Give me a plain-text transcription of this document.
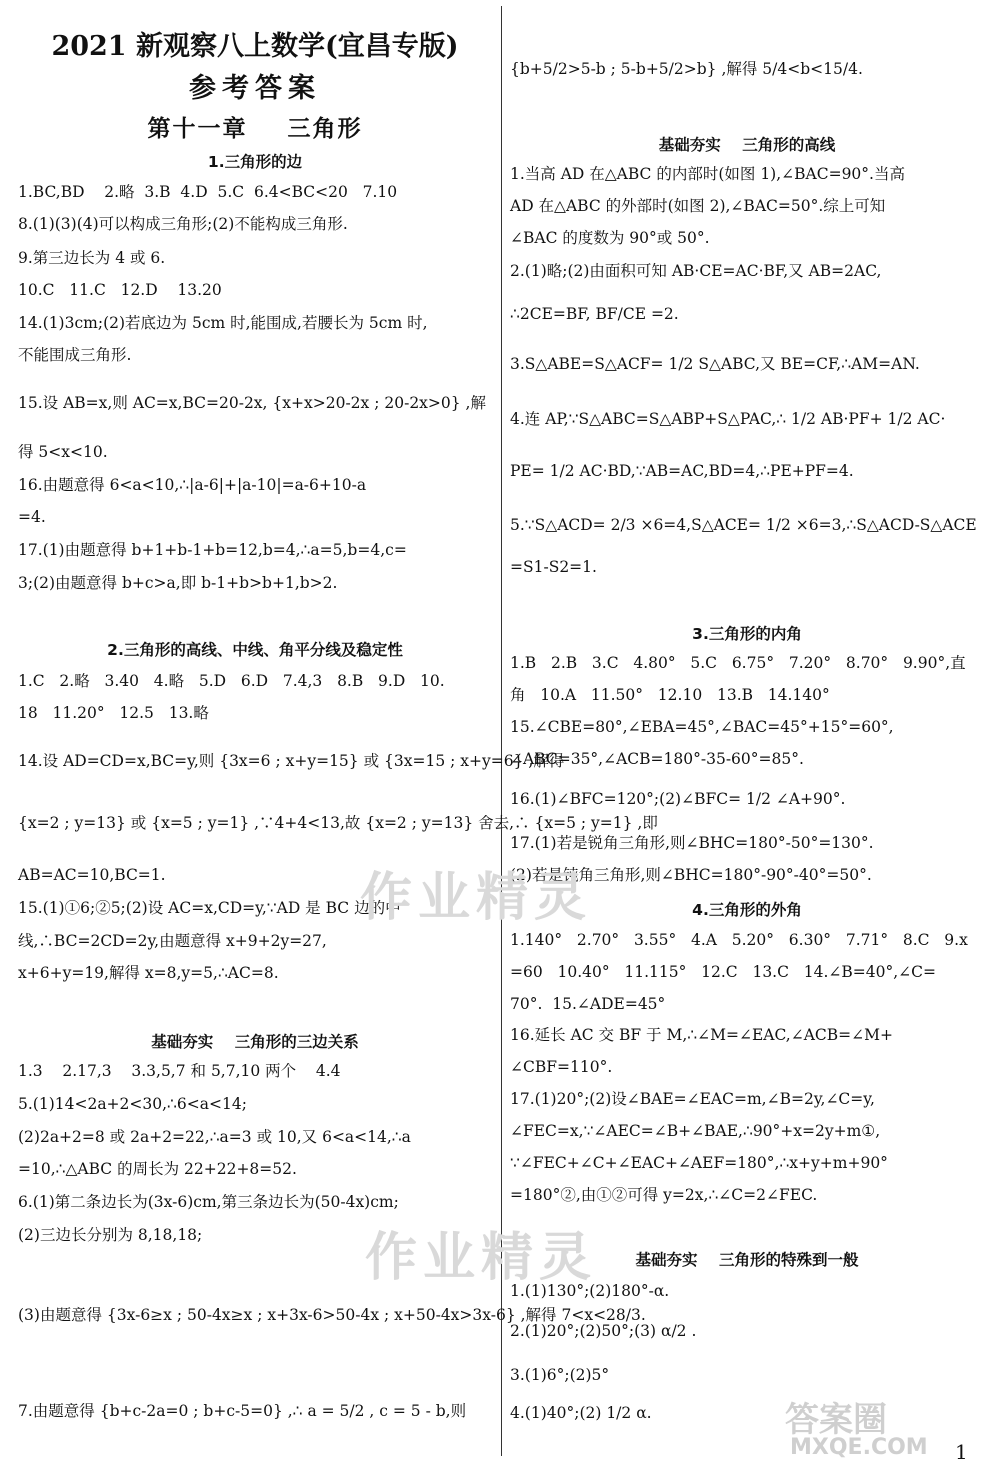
2021 新观察八上数学(宜昌专版)
参考答案
第十一章    三角形
1.三角形的边
1.BC,BD    2.略  3.B  4.D  5.C  6.4<BC<20   7.10
8.(1)(3)(4)可以构成三角形;(2)不能构成三角形.
9.第三边长为 4 或 6.
10.C   11.C   12.D    13.20
14.(1)3cm;(2)若底边为 5cm 时,能围成,若腰长为 5cm 时,
不能围成三角形.
15.设 AB=x,则 AC=x,BC=20-2x, {x+x>20-2x ; 20-2x>0} ,解
得 5<x<10.
16.由题意得 6<a<10,∴|a-6|+|a-10|=a-6+10-a
=4.
17.(1)由题意得 b+1+b-1+b=12,b=4,∴a=5,b=4,c=
3;(2)由题意得 b+c>a,即 b-1+b>b+1,b>2.
2.三角形的高线、中线、角平分线及稳定性
1.C   2.略   3.40   4.略   5.D   6.D   7.4,3   8.B   9.D   10.
18   11.20°   12.5   13.略
14.设 AD=CD=x,BC=y,则 {3x=6 ; x+y=15} 或 {3x=15 ; x+y=6} ,解得
{x=2 ; y=13} 或 {x=5 ; y=1} ,∵4+4<13,故 {x=2 ; y=13} 舍去,∴ {x=5 ; y=1} ,即
AB=AC=10,BC=1.
15.(1)①6;②5;(2)设 AC=x,CD=y,∵AD 是 BC 边的中
线,∴BC=2CD=2y,由题意得 x+9+2y=27,
x+6+y=19,解得 x=8,y=5,∴AC=8.
基础夯实    三角形的三边关系
1.3    2.17,3    3.3,5,7 和 5,7,10 两个    4.4
5.(1)14<2a+2<30,∴6<a<14;
(2)2a+2=8 或 2a+2=22,∴a=3 或 10,又 6<a<14,∴a
=10,∴△ABC 的周长为 22+22+8=52.
6.(1)第二条边长为(3x-6)cm,第三条边长为(50-4x)cm;
(2)三边长分别为 8,18,18;
(3)由题意得 {3x-6≥x ; 50-4x≥x ; x+3x-6>50-4x ; x+50-4x>3x-6} ,解得 7<x<28/3.
7.由题意得 {b+c-2a=0 ; b+c-5=0} ,∴ a = 5/2 , c = 5 - b,则
{b+5/2>5-b ; 5-b+5/2>b} ,解得 5/4<b<15/4.
基础夯实    三角形的高线
1.当高 AD 在△ABC 的内部时(如图 1),∠BAC=90°.当高
AD 在△ABC 的外部时(如图 2),∠BAC=50°.综上可知
∠BAC 的度数为 90°或 50°.
2.(1)略;(2)由面积可知 AB·CE=AC·BF,又 AB=2AC,
∴2CE=BF, BF/CE =2.
3.S△ABE=S△ACF= 1/2 S△ABC,又 BE=CF,∴AM=AN.
4.连 AP,∵S△ABC=S△ABP+S△PAC,∴ 1/2 AB·PF+ 1/2 AC·
PE= 1/2 AC·BD,∵AB=AC,BD=4,∴PE+PF=4.
5.∵S△ACD= 2/3 ×6=4,S△ACE= 1/2 ×6=3,∴S△ACD-S△ACE
=S1-S2=1.
3.三角形的内角
1.B   2.B   3.C   4.80°   5.C   6.75°   7.20°   8.70°   9.90°,直
角   10.A   11.50°   12.10   13.B   14.140°
15.∠CBE=80°,∠EBA=45°,∠BAC=45°+15°=60°,
∠ABC=35°,∠ACB=180°-35-60°=85°.
16.(1)∠BFC=120°;(2)∠BFC= 1/2 ∠A+90°.
17.(1)若是锐角三角形,则∠BHC=180°-50°=130°.
(2)若是钝角三角形,则∠BHC=180°-90°-40°=50°.
4.三角形的外角
1.140°   2.70°   3.55°   4.A   5.20°   6.30°   7.71°   8.C   9.x
=60   10.40°   11.115°   12.C   13.C   14.∠B=40°,∠C=
70°.  15.∠ADE=45°
16.延长 AC 交 BF 于 M,∴∠M=∠EAC,∠ACB=∠M+
∠CBF=110°.
17.(1)20°;(2)设∠BAE=∠EAC=m,∠B=2y,∠C=y,
∠FEC=x,∵∠AEC=∠B+∠BAE,∴90°+x=2y+m①,
∵∠FEC+∠C+∠EAC+∠AEF=180°,∴x+y+m+90°
=180°②,由①②可得 y=2x,∴∠C=2∠FEC.
基础夯实    三角形的特殊到一般
1.(1)130°;(2)180°-α.
2.(1)20°;(2)50°;(3) α/2 .
3.(1)6°;(2)5°
4.(1)40°;(2) 1/2 α.
作业精灵
作业精灵
答案圈
MXQE.COM 1
